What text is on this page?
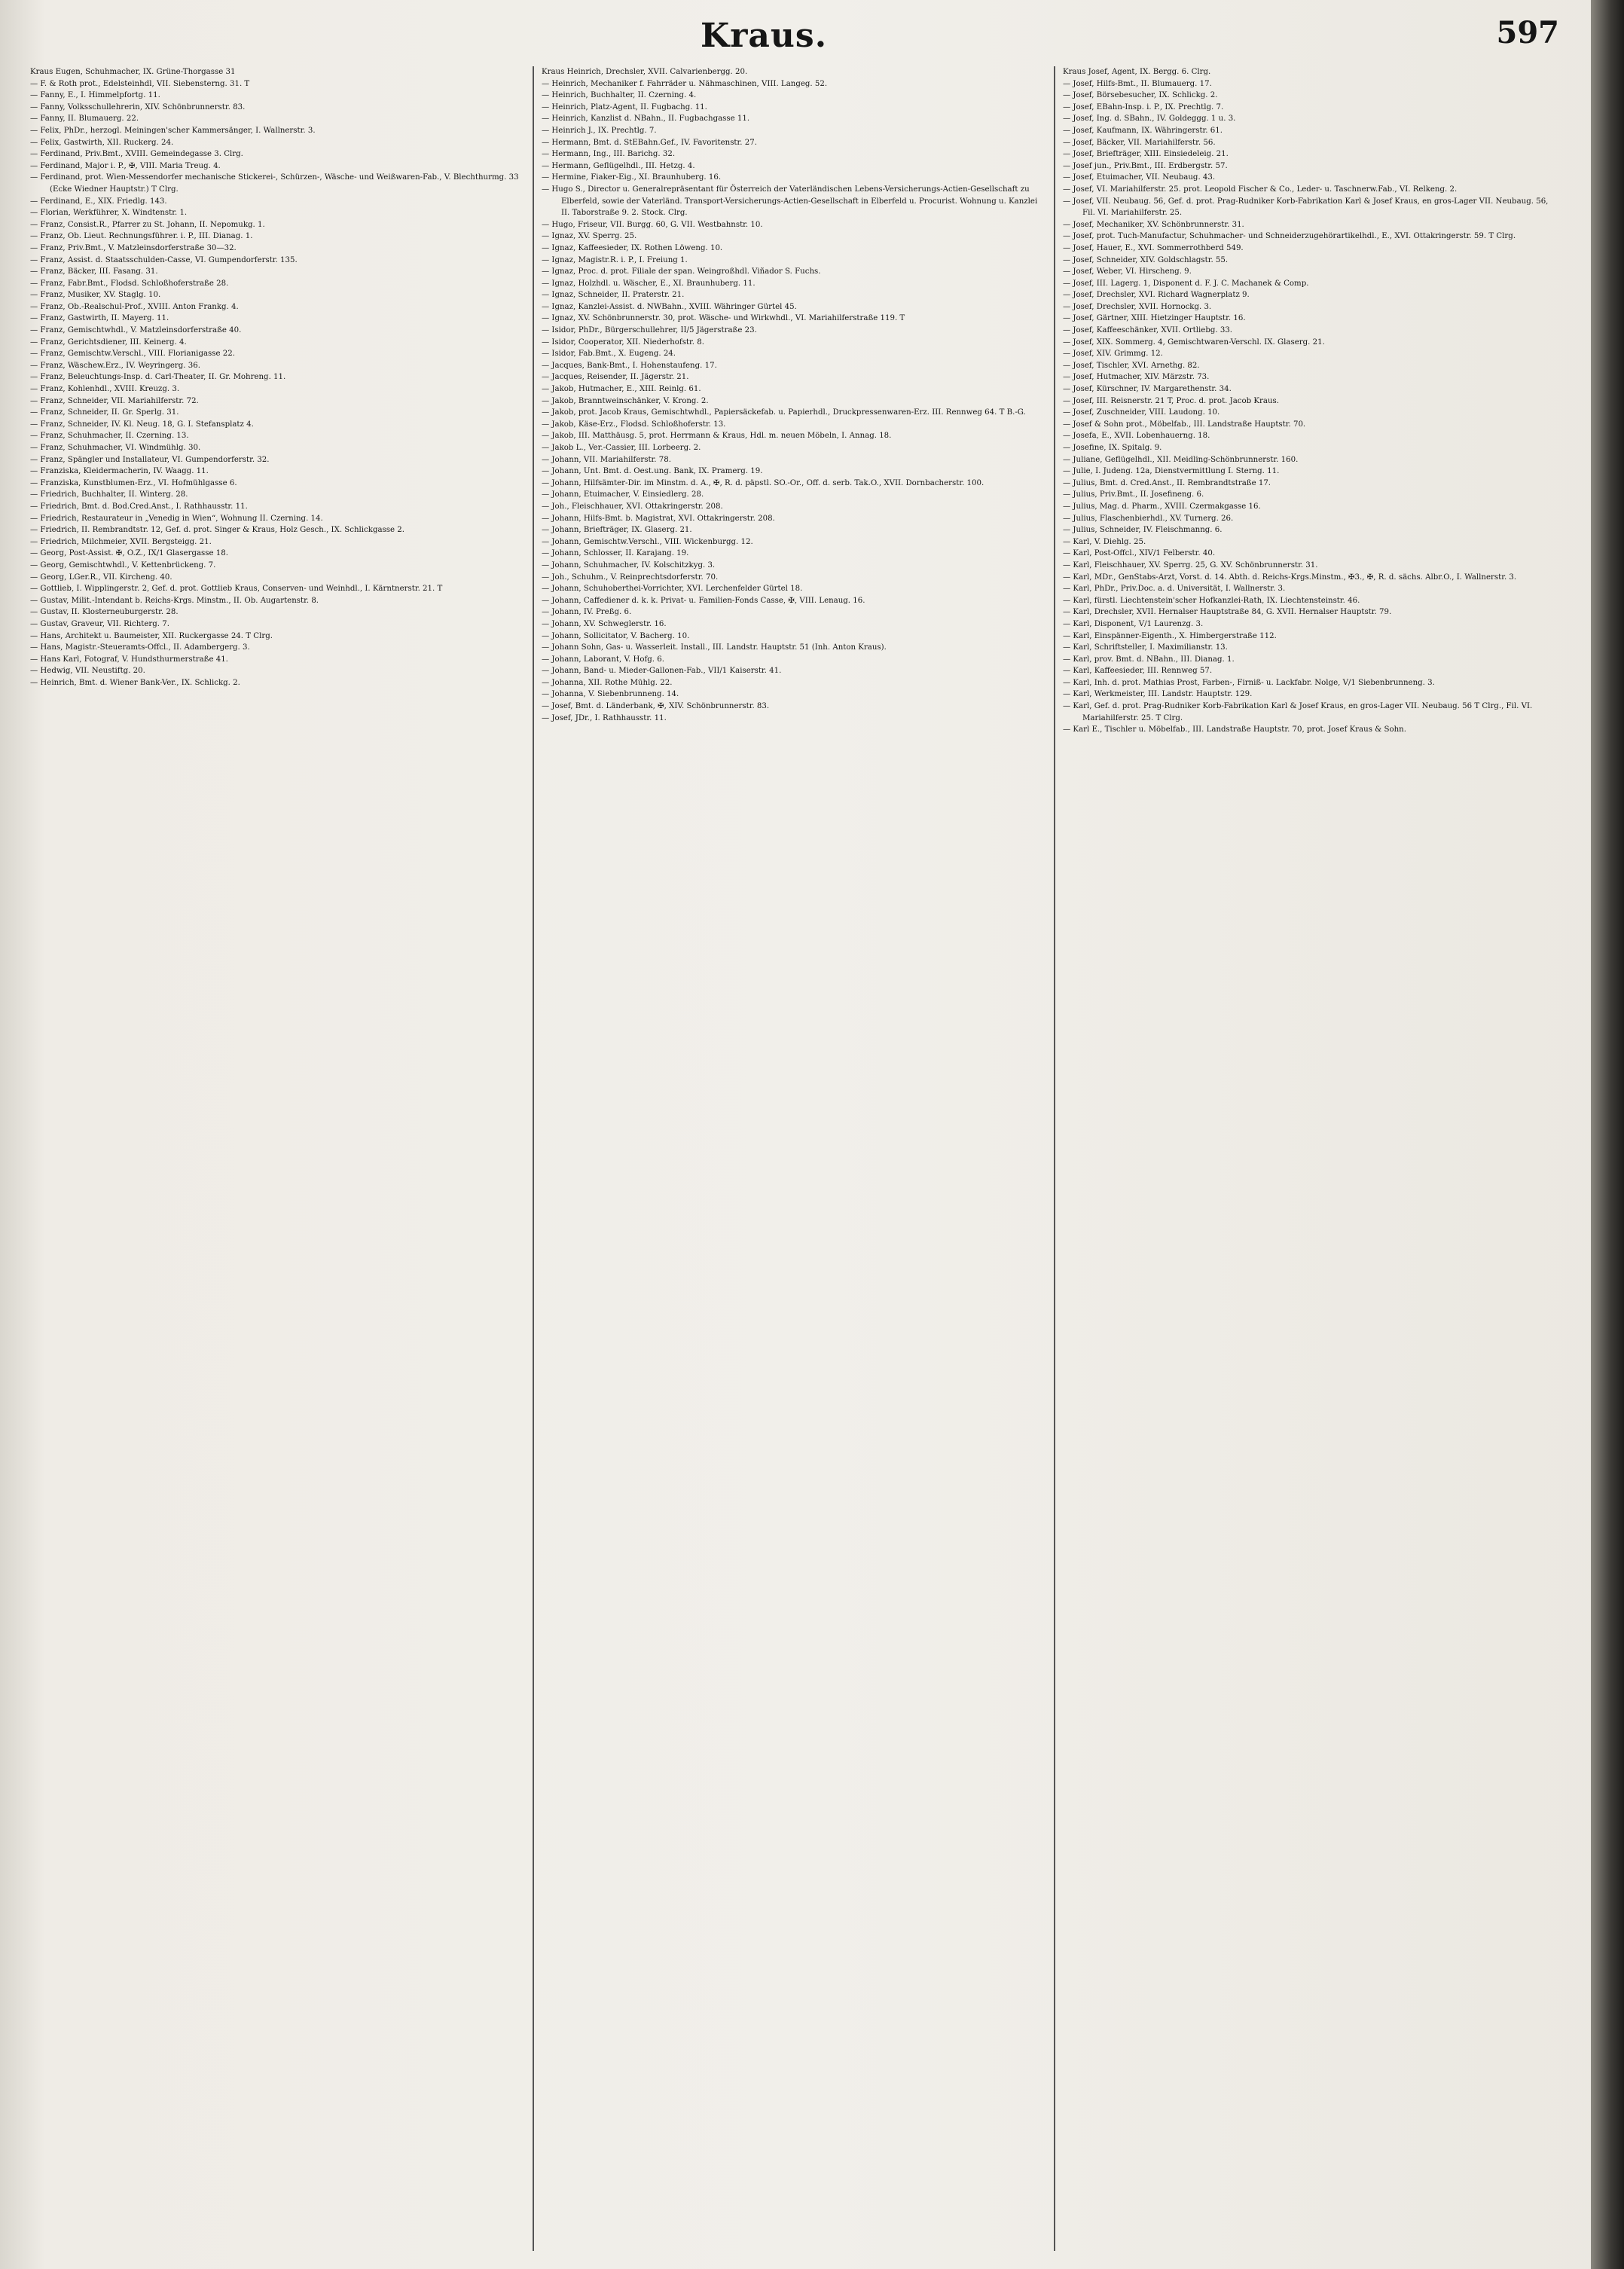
Kraus.	597

Kraus Eugen, Schuhmacher, IX. Grüne-Thorgasse 31

— F. & Roth prot., Edelsteinhdl, VII. Siebensterng. 31. T

— Fanny, E., I. Himmelpfortg. 11.

— Fanny, Volksschullehrerin, XIV. Schönbrunnerstr. 83.

— Fanny, II. Blumauerg. 22.

— Felix, PhDr., herzogl. Meiningen'scher Kammersänger, I. Wallnerstr. 3.

— Felix, Gastwirth, XII. Ruckerg. 24.

— Ferdinand, Priv.Bmt., XVIII. Gemeindegasse 3. Clrg.

— Ferdinand, Major i. P., ✠, VIII. Maria Treug. 4.

— Ferdinand, prot. Wien-Messendorfer mechanische Stickerei-, Schürzen-, Wäsche- und Weißwaren-Fab., V. Blechthurmg. 33 (Ecke Wiedner Hauptstr.) T Clrg.

— Ferdinand, E., XIX. Friedlg. 143.

— Florian, Werkführer, X. Windtenstr. 1.

— Franz, Consist.R., Pfarrer zu St. Johann, II. Nepomukg. 1.

— Franz, Ob. Lieut. Rechnungsführer. i. P., III. Dianag. 1.

— Franz, Priv.Bmt., V. Matzleinsdorferstraße 30—32.

— Franz, Assist. d. Staatsschulden-Casse, VI. Gumpendorferstr. 135.

— Franz, Bäcker, III. Fasang. 31.

— Franz, Fabr.Bmt., Flodsd. Schloßhoferstraße 28.

— Franz, Musiker, XV. Staglg. 10.

— Franz, Ob.-Realschul-Prof., XVIII. Anton Frankg. 4.

— Franz, Gastwirth, II. Mayerg. 11.

— Franz, Gemischtwhdl., V. Matzleinsdorferstraße 40.

— Franz, Gerichtsdiener, III. Keinerg. 4.

— Franz, Gemischtw.Verschl., VIII. Florianigasse 22.

— Franz, Wäschew.Erz., IV. Weyringerg. 36.

— Franz, Beleuchtungs-Insp. d. Carl-Theater, II. Gr. Mohreng. 11.

— Franz, Kohlenhdl., XVIII. Kreuzg. 3.

— Franz, Schneider, VII. Mariahilferstr. 72.

— Franz, Schneider, II. Gr. Sperlg. 31.

— Franz, Schneider, IV. Kl. Neug. 18, G. I. Stefansplatz 4.

— Franz, Schuhmacher, II. Czerning. 13.

— Franz, Schuhmacher, VI. Windmühlg. 30.

— Franz, Spängler und Installateur, VI. Gumpendorferstr. 32.

— Franziska, Kleidermacherin, IV. Waagg. 11.

— Franziska, Kunstblumen-Erz., VI. Hofmühlgasse 6.

— Friedrich, Buchhalter, II. Winterg. 28.

— Friedrich, Bmt. d. Bod.Cred.Anst., I. Rathhausstr. 11.

— Friedrich, Restaurateur in „Venedig in Wien“, Wohnung II. Czerning. 14.

— Friedrich, II. Rembrandtstr. 12, Gef. d. prot. Singer & Kraus, Holz Gesch., IX. Schlickgasse 2.

— Friedrich, Milchmeier, XVII. Bergsteigg. 21.

— Georg, Post-Assist. ✠, O.Z., IX/1 Glasergasse 18.

— Georg, Gemischtwhdl., V. Kettenbrückeng. 7.

— Georg, LGer.R., VII. Kircheng. 40.

— Gottlieb, I. Wipplingerstr. 2, Gef. d. prot. Gottlieb Kraus, Conserven- und Weinhdl., I. Kärntnerstr. 21. T

— Gustav, Milit.-Intendant b. Reichs-Krgs. Minstm., II. Ob. Augartenstr. 8.

— Gustav, II. Klosterneuburgerstr. 28.

— Gustav, Graveur, VII. Richterg. 7.

— Hans, Architekt u. Baumeister, XII. Ruckergasse 24. T Clrg.

— Hans, Magistr.-Steueramts-Offcl., II. Adambergerg. 3.

— Hans Karl, Fotograf, V. Hundsthurmerstraße 41.

— Hedwig, VII. Neustiftg. 20.

— Heinrich, Bmt. d. Wiener Bank-Ver., IX. Schlickg. 2.

Kraus Heinrich, Drechsler, XVII. Calvarienbergg. 20.

— Heinrich, Mechaniker f. Fahrräder u. Nähmaschinen, VIII. Langeg. 52.

— Heinrich, Buchhalter, II. Czerning. 4.

— Heinrich, Platz-Agent, II. Fugbachg. 11.

— Heinrich, Kanzlist d. NBahn., II. Fugbachgasse 11.

— Heinrich J., IX. Prechtlg. 7.

— Hermann, Bmt. d. StEBahn.Gef., IV. Favoritenstr. 27.

— Hermann, Ing., III. Barichg. 32.

— Hermann, Geflügelhdl., III. Hetzg. 4.

— Hermine, Fiaker-Eig., XI. Braunhuberg. 16.

— Hugo S., Director u. Generalrepräsentant für Österreich der Vaterländischen Lebens-Versicherungs-Actien-Gesellschaft zu Elberfeld, sowie der Vaterländ. Transport-Versicherungs-Actien-Gesellschaft in Elberfeld u. Procurist. Wohnung u. Kanzlei II. Taborstraße 9. 2. Stock. Clrg.

— Hugo, Friseur, VII. Burgg. 60, G. VII. Westbahnstr. 10.

— Ignaz, XV. Sperrg. 25.

— Ignaz, Kaffeesieder, IX. Rothen Löweng. 10.

— Ignaz, Magistr.R. i. P., I. Freiung 1.

— Ignaz, Proc. d. prot. Filiale der span. Weingroßhdl. Viñador S. Fuchs.

— Ignaz, Holzhdl. u. Wäscher, E., XI. Braunhuberg. 11.

— Ignaz, Schneider, II. Praterstr. 21.

— Ignaz, Kanzlei-Assist. d. NWBahn., XVIII. Währinger Gürtel 45.

— Ignaz, XV. Schönbrunnerstr. 30, prot. Wäsche- und Wirkwhdl., VI. Mariahilferstraße 119. T

— Isidor, PhDr., Bürgerschullehrer, II/5 Jägerstraße 23.

— Isidor, Cooperator, XII. Niederhofstr. 8.

— Isidor, Fab.Bmt., X. Eugeng. 24.

— Jacques, Bank-Bmt., I. Hohenstaufeng. 17.

— Jacques, Reisender, II. Jägerstr. 21.

— Jakob, Hutmacher, E., XIII. Reinlg. 61.

— Jakob, Branntweinschänker, V. Krong. 2.

— Jakob, prot. Jacob Kraus, Gemischtwhdl., Papiersäckefab. u. Papierhdl., Druckpressenwaren-Erz. III. Rennweg 64. T B.-G.

— Jakob, Käse-Erz., Flodsd. Schloßhoferstr. 13.

— Jakob, III. Matthäusg. 5, prot. Herrmann & Kraus, Hdl. m. neuen Möbeln, I. Annag. 18.

— Jakob L., Ver.-Cassier, III. Lorbeerg. 2.

— Johann, VII. Mariahilferstr. 78.

— Johann, Unt. Bmt. d. Oest.ung. Bank, IX. Pramerg. 19.

— Johann, Hilfsämter-Dir. im Minstm. d. A., ✠, R. d. päpstl. SO.-Or., Off. d. serb. Tak.O., XVII. Dornbacherstr. 100.

— Johann, Etuimacher, V. Einsiedlerg. 28.

— Joh., Fleischhauer, XVI. Ottakringerstr. 208.

— Johann, Hilfs-Bmt. b. Magistrat, XVI. Ottakringerstr. 208.

— Johann, Briefträger, IX. Glaserg. 21.

— Johann, Gemischtw.Verschl., VIII. Wickenburgg. 12.

— Johann, Schlosser, II. Karajang. 19.

— Johann, Schuhmacher, IV. Kolschitzkyg. 3.

— Joh., Schuhm., V. Reinprechtsdorferstr. 70.

— Johann, Schuhoberthei-Vorrichter, XVI. Lerchenfelder Gürtel 18.

— Johann, Caffediener d. k. k. Privat- u. Familien-Fonds Casse, ✠, VIII. Lenaug. 16.

— Johann, IV. Preßg. 6.

— Johann, XV. Schweglerstr. 16.

— Johann, Sollicitator, V. Bacherg. 10.

— Johann Sohn, Gas- u. Wasserleit. Install., III. Landstr. Hauptstr. 51 (Inh. Anton Kraus).

— Johann, Laborant, V. Hofg. 6.

— Johann, Band- u. Mieder-Gallonen-Fab., VII/1 Kaiserstr. 41.

— Johanna, XII. Rothe Mühlg. 22.

— Johanna, V. Siebenbrunneng. 14.

— Josef, Bmt. d. Länderbank, ✠, XIV. Schönbrunnerstr. 83.

— Josef, JDr., I. Rathhausstr. 11.

Kraus Josef, Agent, IX. Bergg. 6. Clrg.

— Josef, Hilfs-Bmt., II. Blumauerg. 17.

— Josef, Börsebesucher, IX. Schlickg. 2.

— Josef, EBahn-Insp. i. P., IX. Prechtlg. 7.

— Josef, Ing. d. SBahn., IV. Goldeggg. 1 u. 3.

— Josef, Kaufmann, IX. Währingerstr. 61.

— Josef, Bäcker, VII. Mariahilferstr. 56.

— Josef, Briefträger, XIII. Einsiedeleig. 21.

— Josef jun., Priv.Bmt., III. Erdbergstr. 57.

— Josef, Etuimacher, VII. Neubaug. 43.

— Josef, VI. Mariahilferstr. 25. prot. Leopold Fischer & Co., Leder- u. Taschnerw.Fab., VI. Relkeng. 2.

— Josef, VII. Neubaug. 56, Gef. d. prot. Prag-Rudniker Korb-Fabrikation Karl & Josef Kraus, en gros-Lager VII. Neubaug. 56, Fil. VI. Mariahilferstr. 25.

— Josef, Mechaniker, XV. Schönbrunnerstr. 31.

— Josef, prot. Tuch-Manufactur, Schuhmacher- und Schneiderzugehörartikelhdl., E., XVI. Ottakringerstr. 59. T Clrg.

— Josef, Hauer, E., XVI. Sommerrothberd 549.

— Josef, Schneider, XIV. Goldschlagstr. 55.

— Josef, Weber, VI. Hirscheng. 9.

— Josef, III. Lagerg. 1, Disponent d. F. J. C. Machanek & Comp.

— Josef, Drechsler, XVI. Richard Wagnerplatz 9.

— Josef, Drechsler, XVII. Hornockg. 3.

— Josef, Gärtner, XIII. Hietzinger Hauptstr. 16.

— Josef, Kaffeeschänker, XVII. Ortliebg. 33.

— Josef, XIX. Sommerg. 4, Gemischtwaren-Verschl. IX. Glaserg. 21.

— Josef, XIV. Grimmg. 12.

— Josef, Tischler, XVI. Arnethg. 82.

— Josef, Hutmacher, XIV. Märzstr. 73.

— Josef, Kürschner, IV. Margarethenstr. 34.

— Josef, III. Reisnerstr. 21 T, Proc. d. prot. Jacob Kraus.

— Josef, Zuschneider, VIII. Laudong. 10.

— Josef & Sohn prot., Möbelfab., III. Landstraße Hauptstr. 70.

— Josefa, E., XVII. Lobenhauerng. 18.

— Josefine, IX. Spitalg. 9.

— Juliane, Geflügelhdl., XII. Meidling-Schönbrunnerstr. 160.

— Julie, I. Judeng. 12a, Dienstvermittlung I. Sterng. 11.

— Julius, Bmt. d. Cred.Anst., II. Rembrandtstraße 17.

— Julius, Priv.Bmt., II. Josefineng. 6.

— Julius, Mag. d. Pharm., XVIII. Czermakgasse 16.

— Julius, Flaschenbierhdl., XV. Turnerg. 26.

— Julius, Schneider, IV. Fleischmanng. 6.

— Karl, V. Diehlg. 25.

— Karl, Post-Offcl., XIV/1 Felberstr. 40.

— Karl, Fleischhauer, XV. Sperrg. 25, G. XV. Schönbrunnerstr. 31.

— Karl, MDr., GenStabs-Arzt, Vorst. d. 14. Abth. d. Reichs-Krgs.Minstm., ✠3., ✠, R. d. sächs. Albr.O., I. Wallnerstr. 3.

— Karl, PhDr., Priv.Doc. a. d. Universität, I. Wallnerstr. 3.

— Karl, fürstl. Liechtenstein'scher Hofkanzlei-Rath, IX. Liechtensteinstr. 46.

— Karl, Drechsler, XVII. Hernalser Hauptstraße 84, G. XVII. Hernalser Hauptstr. 79.

— Karl, Disponent, V/1 Laurenzg. 3.

— Karl, Einspänner-Eigenth., X. Himbergerstraße 112.

— Karl, Schriftsteller, I. Maximilianstr. 13.

— Karl, prov. Bmt. d. NBahn., III. Dianag. 1.

— Karl, Kaffeesieder, III. Rennweg 57.

— Karl, Inh. d. prot. Mathias Prost, Farben-, Firniß- u. Lackfabr. Nolge, V/1 Siebenbrunneng. 3.

— Karl, Werkmeister, III. Landstr. Hauptstr. 129.

— Karl, Gef. d. prot. Prag-Rudniker Korb-Fabrikation Karl & Josef Kraus, en gros-Lager VII. Neubaug. 56 T Clrg., Fil. VI. Mariahilferstr. 25. T Clrg.

— Karl E., Tischler u. Möbelfab., III. Landstraße Hauptstr. 70, prot. Josef Kraus & Sohn.
